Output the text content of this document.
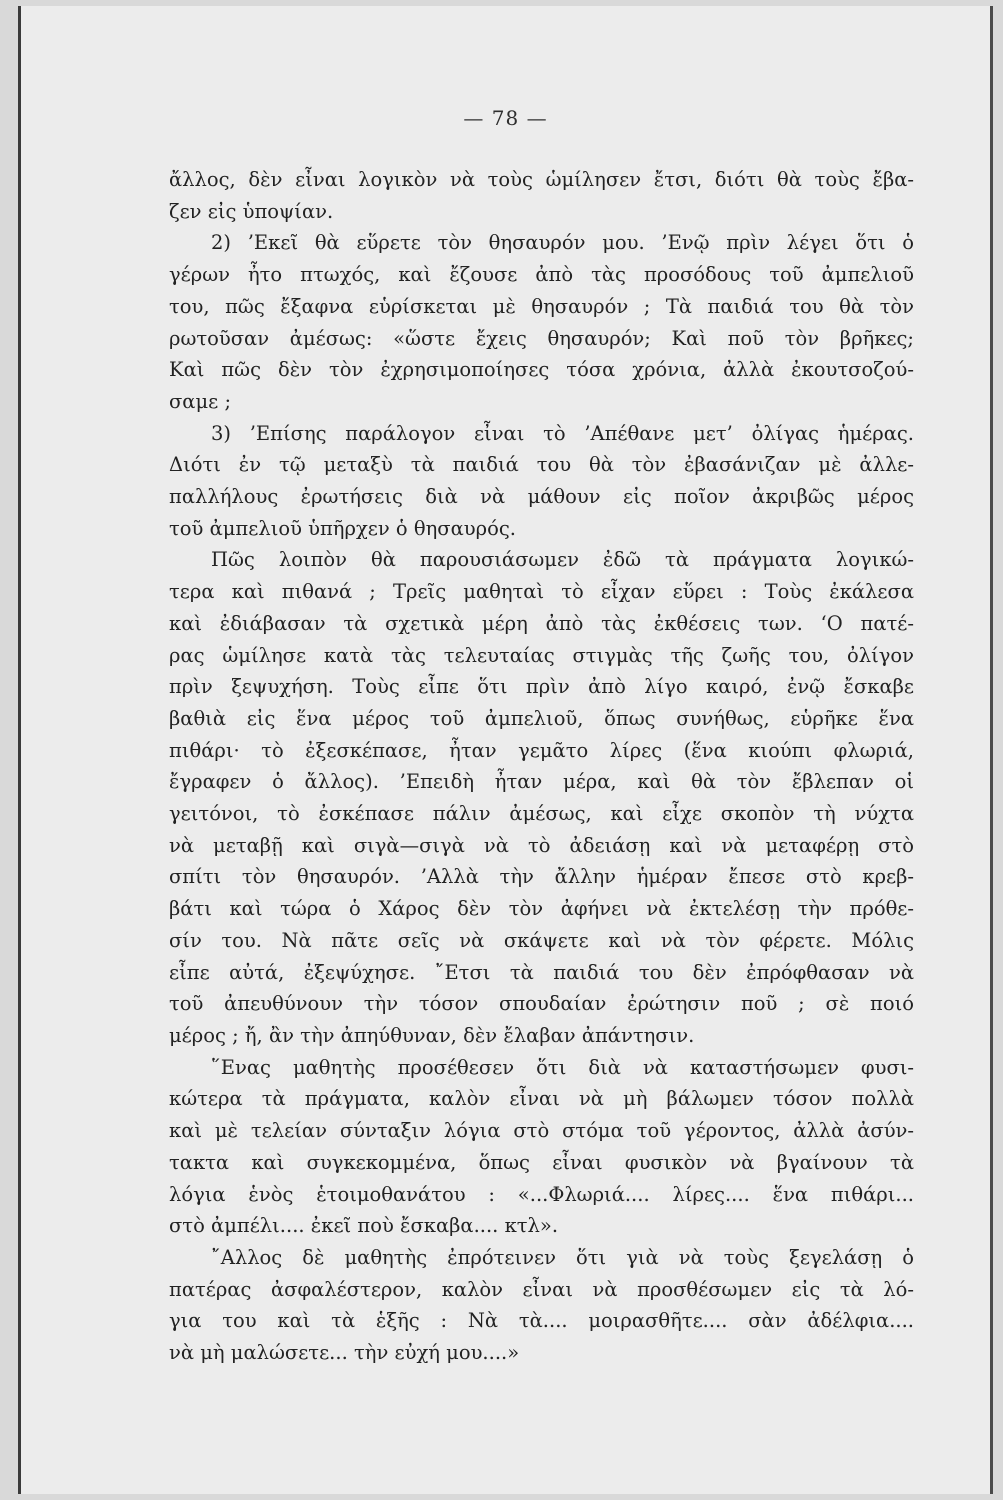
— 78 —
ἄλλος, δὲν εἶναι λογικὸν νὰ τοὺς ὡμίλησεν ἔτσι, διότι θὰ τοὺς ἔβα-
ζεν εἰς ὑποψίαν.
2) ’Εκεῖ θὰ εὕρετε τὸν θησαυρόν μου. ’Ενῷ πρὶν λέγει ὅτι ὁ
γέρων ἦτο πτωχός, καὶ ἔζουσε ἀπὸ τὰς προσόδους τοῦ ἀμπελιοῦ
του, πῶς ἔξαφνα εὑρίσκεται μὲ θησαυρόν ; Τὰ παιδιά του θὰ τὸν
ρωτοῦσαν ἀμέσως: «ὥστε ἔχεις θησαυρόν; Καὶ ποῦ τὸν βρῆκες;
Καὶ πῶς δὲν τὸν ἐχρησιμοποίησες τόσα χρόνια, ἀλλὰ ἐκουτσοζού-
σαμε ;
3) ’Επίσης παράλογον εἶναι τὸ ’Απέθανε μετ’ ὀλίγας ἡμέρας.
Διότι ἐν τῷ μεταξὺ τὰ παιδιά του θὰ τὸν ἐβασάνιζαν μὲ ἀλλε-
παλλήλους ἐρωτήσεις διὰ νὰ μάθουν εἰς ποῖον ἀκριβῶς μέρος
τοῦ ἀμπελιοῦ ὑπῆρχεν ὁ θησαυρός.
Πῶς λοιπὸν θὰ παρουσιάσωμεν ἐδῶ τὰ πράγματα λογικώ-
τερα καὶ πιθανά ; Τρεῖς μαθηταὶ τὸ εἶχαν εὕρει : Τοὺς ἐκάλεσα
καὶ ἐδιάβασαν τὰ σχετικὰ μέρη ἀπὸ τὰς ἐκθέσεις των. ‘Ο πατέ-
ρας ὡμίλησε κατὰ τὰς τελευταίας στιγμὰς τῆς ζωῆς του, ὀλίγον
πρὶν ξεψυχήση. Τοὺς εἶπε ὅτι πρὶν ἀπὸ λίγο καιρό, ἐνῷ ἔσκαβε
βαθιὰ εἰς ἕνα μέρος τοῦ ἀμπελιοῦ, ὅπως συνήθως, εὑρῆκε ἕνα
πιθάρι· τὸ ἐξεσκέπασε, ἦταν γεμᾶτο λίρες (ἕνα κιούπι φλωριά,
ἔγραφεν ὁ ἄλλος). ’Επειδὴ ἦταν μέρα, καὶ θὰ τὸν ἔβλεπαν οἱ
γειτόνοι, τὸ ἐσκέπασε πάλιν ἀμέσως, καὶ εἶχε σκοπὸν τὴ νύχτα
νὰ μεταβῇ καὶ σιγὰ—σιγὰ νὰ τὸ ἀδειάσῃ καὶ νὰ μεταφέρῃ στὸ
σπίτι τὸν θησαυρόν. ’Αλλὰ τὴν ἄλλην ἡμέραν ἔπεσε στὸ κρεβ-
βάτι καὶ τώρα ὁ Χάρος δὲν τὸν ἀφήνει νὰ ἐκτελέσῃ τὴν πρόθε-
σίν του. Νὰ πᾶτε σεῖς νὰ σκάψετε καὶ νὰ τὸν φέρετε. Μόλις
εἶπε αὐτά, ἐξεψύχησε. ῎Ετσι τὰ παιδιά του δὲν ἐπρόφθασαν νὰ
τοῦ ἀπευθύνουν τὴν τόσον σπουδαίαν ἐρώτησιν ποῦ ; σὲ ποιό
μέρος ; ἤ, ἂν τὴν ἀπηύθυναν, δὲν ἔλαβαν ἀπάντησιν.
῞Ενας μαθητὴς προσέθεσεν ὅτι διὰ νὰ καταστήσωμεν φυσι-
κώτερα τὰ πράγματα, καλὸν εἶναι νὰ μὴ βάλωμεν τόσον πολλὰ
καὶ μὲ τελείαν σύνταξιν λόγια στὸ στόμα τοῦ γέροντος, ἀλλὰ ἀσύν-
τακτα καὶ συγκεκομμένα, ὅπως εἶναι φυσικὸν νὰ βγαίνουν τὰ
λόγια ἑνὸς ἑτοιμοθανάτου : «...Φλωριά.... λίρες.... ἕνα πιθάρι...
στὸ ἀμπέλι.... ἐκεῖ ποὺ ἔσκαβα.... κτλ».
῎Αλλος δὲ μαθητὴς ἐπρότεινεν ὅτι γιὰ νὰ τοὺς ξεγελάσῃ ὁ
πατέρας ἀσφαλέστερον, καλὸν εἶναι νὰ προσθέσωμεν εἰς τὰ λό-
για του καὶ τὰ ἑξῆς : Νὰ τὰ.... μοιρασθῆτε.... σὰν ἀδέλφια....
νὰ μὴ μαλώσετε... τὴν εὐχή μου....»
